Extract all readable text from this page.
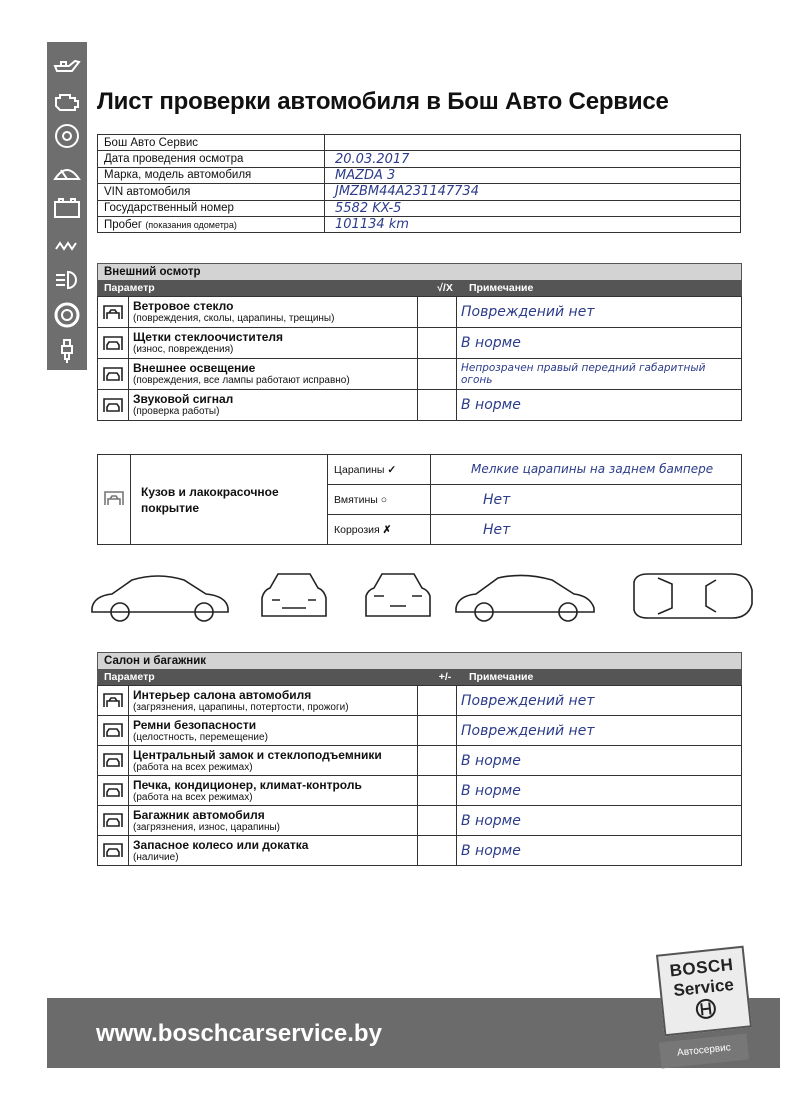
Лист проверки автомобиля в Бош Авто Сервисе
Бош Авто Сервис	
Дата проведения осмотра	20.03.2017
Марка, модель автомобиля	MAZDA 3
VIN автомобиля	JMZBM44A231147734
Государственный номер	5582 KX-5
Пробег (показания одометра)	101134 km
Внешний осмотр
Параметр	√/X	Примечание

Ветровое стекло
(повреждения, сколы, царапины, трещины)		Повреждений нет

Щетки стеклоочистителя
(износ, повреждения)		В норме

Внешнее освещение
(повреждения, все лампы работают исправно)		Непрозрачен правый передний габаритный огонь

Звуковой сигнал
(проверка работы)		В норме
	Кузов и лакокрасочное покрытие	Царапины ✓	Мелкие царапины на заднем бампере
		Вмятины ○	Нет
		Коррозия ✗	Нет
Салон и багажник
Параметр	+/-	Примечание

Интерьер салона автомобиля
(загрязнения, царапины, потертости, прожоги)		Повреждений нет

Ремни безопасности
(целостность, перемещение)		Повреждений нет

Центральный замок и стеклоподъемники
(работа на всех режимах)		В норме

Печка, кондиционер, климат-контроль
(работа на всех режимах)		В норме

Багажник автомобиля
(загрязнения, износ, царапины)		В норме

Запасное колесо или докатка
(наличие)		В норме
www.boschcarservice.by
BOSCH
Service
Автосервис
